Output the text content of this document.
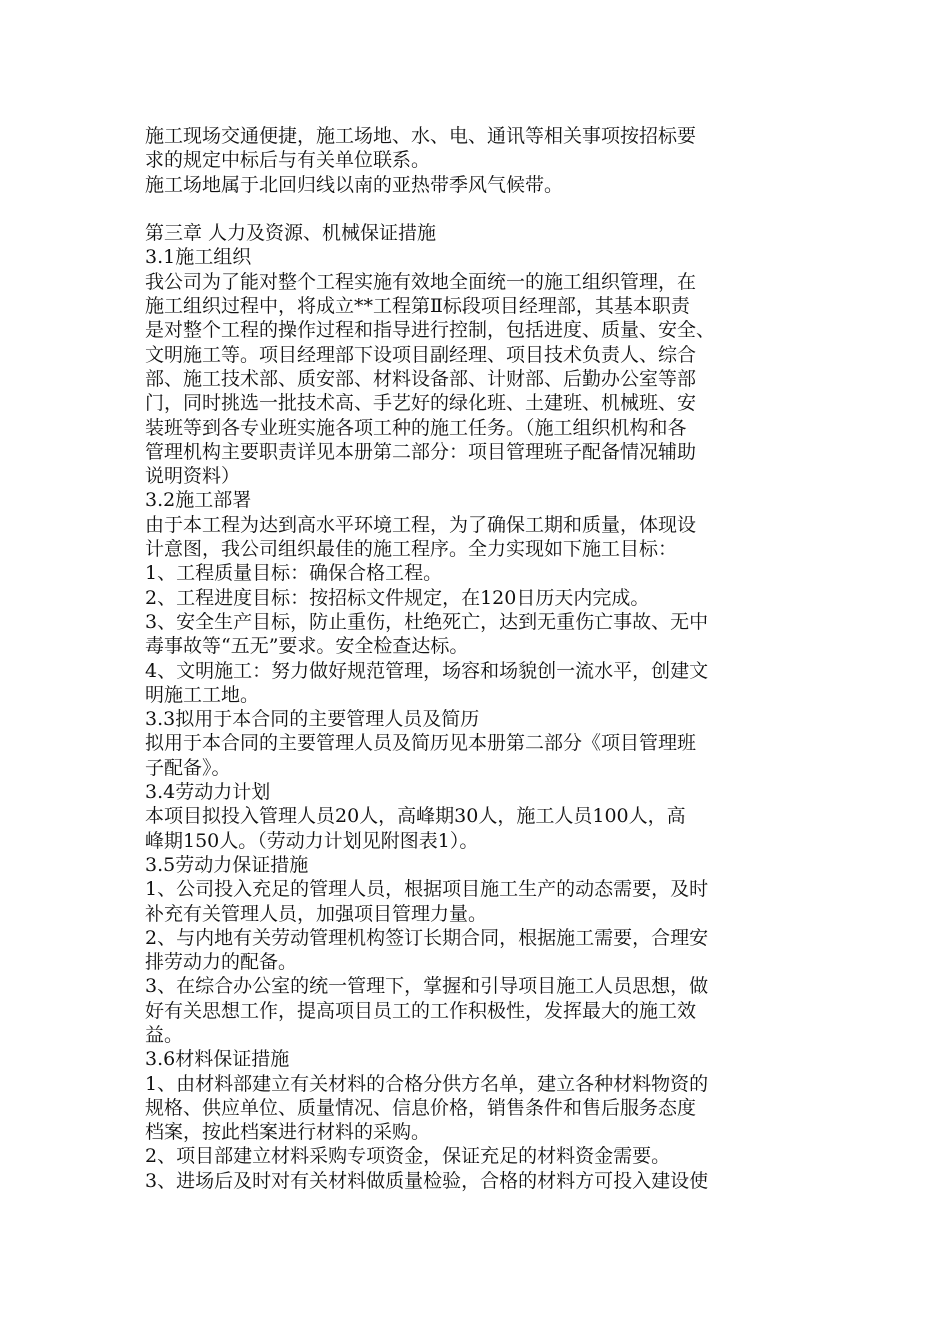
施工现场交通便捷，施工场地、水、电、通讯等相关事项按招标要
求的规定中标后与有关单位联系。
施工场地属于北回归线以南的亚热带季风气候带。
第三章 人力及资源、机械保证措施
3.1施工组织
我公司为了能对整个工程实施有效地全面统一的施工组织管理，在
施工组织过程中，将成立**工程第Ⅱ标段项目经理部，其基本职责
是对整个工程的操作过程和指导进行控制，包括进度、质量、安全、
文明施工等。项目经理部下设项目副经理、项目技术负责人、综合
部、施工技术部、质安部、材料设备部、计财部、后勤办公室等部
门，同时挑选一批技术高、手艺好的绿化班、土建班、机械班、安
装班等到各专业班实施各项工种的施工任务。（施工组织机构和各
管理机构主要职责详见本册第二部分：项目管理班子配备情况辅助
说明资料）
3.2施工部署
由于本工程为达到高水平环境工程，为了确保工期和质量，体现设
计意图，我公司组织最佳的施工程序。全力实现如下施工目标：
1、工程质量目标：确保合格工程。
2、工程进度目标：按招标文件规定，在120日历天内完成。
3、安全生产目标，防止重伤，杜绝死亡，达到无重伤亡事故、无中
毒事故等“五无”要求。安全检查达标。
4、文明施工：努力做好规范管理，场容和场貌创一流水平，创建文
明施工工地。
3.3拟用于本合同的主要管理人员及简历
拟用于本合同的主要管理人员及简历见本册第二部分《项目管理班
子配备》。
3.4劳动力计划
本项目拟投入管理人员20人，高峰期30人，施工人员100人，高
峰期150人。（劳动力计划见附图表1）。
3.5劳动力保证措施
1、公司投入充足的管理人员，根据项目施工生产的动态需要，及时
补充有关管理人员，加强项目管理力量。
2、与内地有关劳动管理机构签订长期合同，根据施工需要，合理安
排劳动力的配备。
3、在综合办公室的统一管理下，掌握和引导项目施工人员思想，做
好有关思想工作，提高项目员工的工作积极性，发挥最大的施工效
益。
3.6材料保证措施
1、由材料部建立有关材料的合格分供方名单，建立各种材料物资的
规格、供应单位、质量情况、信息价格，销售条件和售后服务态度
档案，按此档案进行材料的采购。
2、项目部建立材料采购专项资金，保证充足的材料资金需要。
3、进场后及时对有关材料做质量检验，合格的材料方可投入建设使
